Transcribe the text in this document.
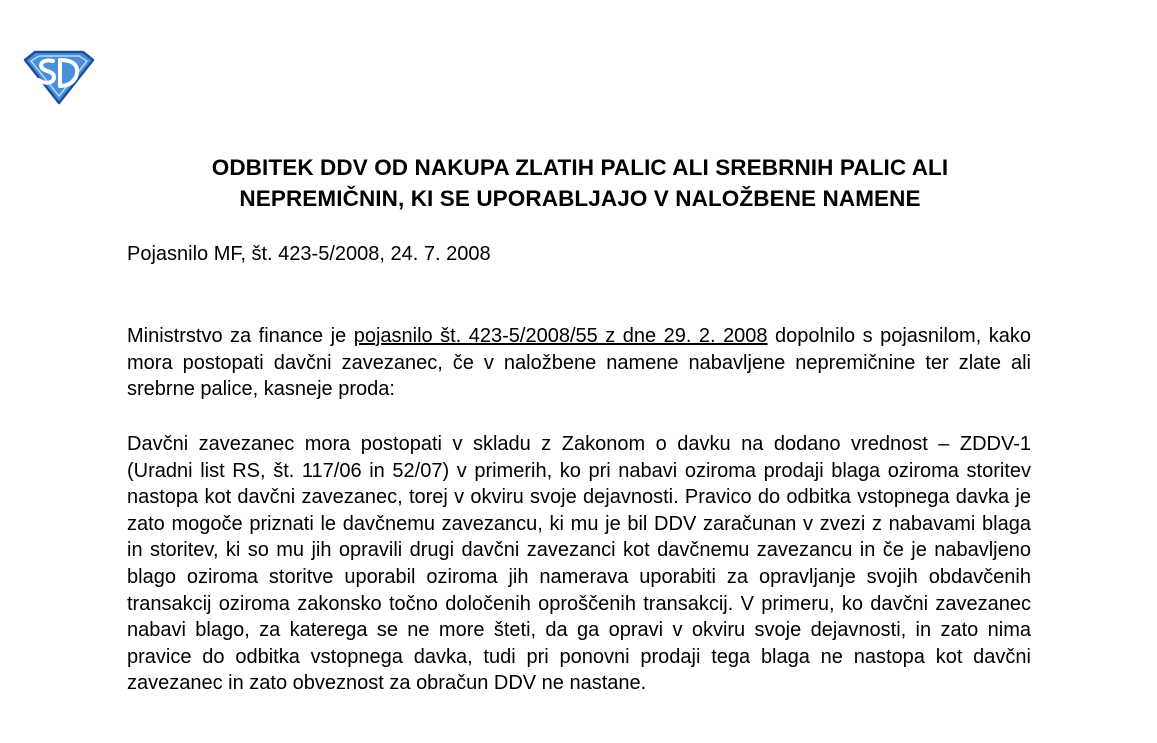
ODBITEK DDV OD NAKUPA ZLATIH PALIC ALI SREBRNIH PALIC ALI
NEPREMIČNIN, KI SE UPORABLJAJO V NALOŽBENE NAMENE

Pojasnilo MF, št. 423-5/2008, 24. 7. 2008

Ministrstvo za finance je pojasnilo št. 423-5/2008/55 z dne 29. 2. 2008 dopolnilo s pojasnilom, kako mora postopati davčni zavezanec, če v naložbene namene nabavljene nepremičnine ter zlate ali srebrne palice, kasneje proda:

Davčni zavezanec mora postopati v skladu z Zakonom o davku na dodano vrednost – ZDDV-1 (Uradni list RS, št. 117/06 in 52/07) v primerih, ko pri nabavi oziroma prodaji blaga oziroma storitev nastopa kot davčni zavezanec, torej v okviru svoje dejavnosti. Pravico do odbitka vstopnega davka je zato mogoče priznati le davčnemu zavezancu, ki mu je bil DDV zaračunan v zvezi z nabavami blaga in storitev, ki so mu jih opravili drugi davčni zavezanci kot davčnemu zavezancu in če je nabavljeno blago oziroma storitve uporabil oziroma jih namerava uporabiti za opravljanje svojih obdavčenih transakcij oziroma zakonsko točno določenih oproščenih transakcij. V primeru, ko davčni zavezanec nabavi blago, za katerega se ne more šteti, da ga opravi v okviru svoje dejavnosti, in zato nima pravice do odbitka vstopnega davka, tudi pri ponovni prodaji tega blaga ne nastopa kot davčni zavezanec in zato obveznost za obračun DDV ne nastane.
